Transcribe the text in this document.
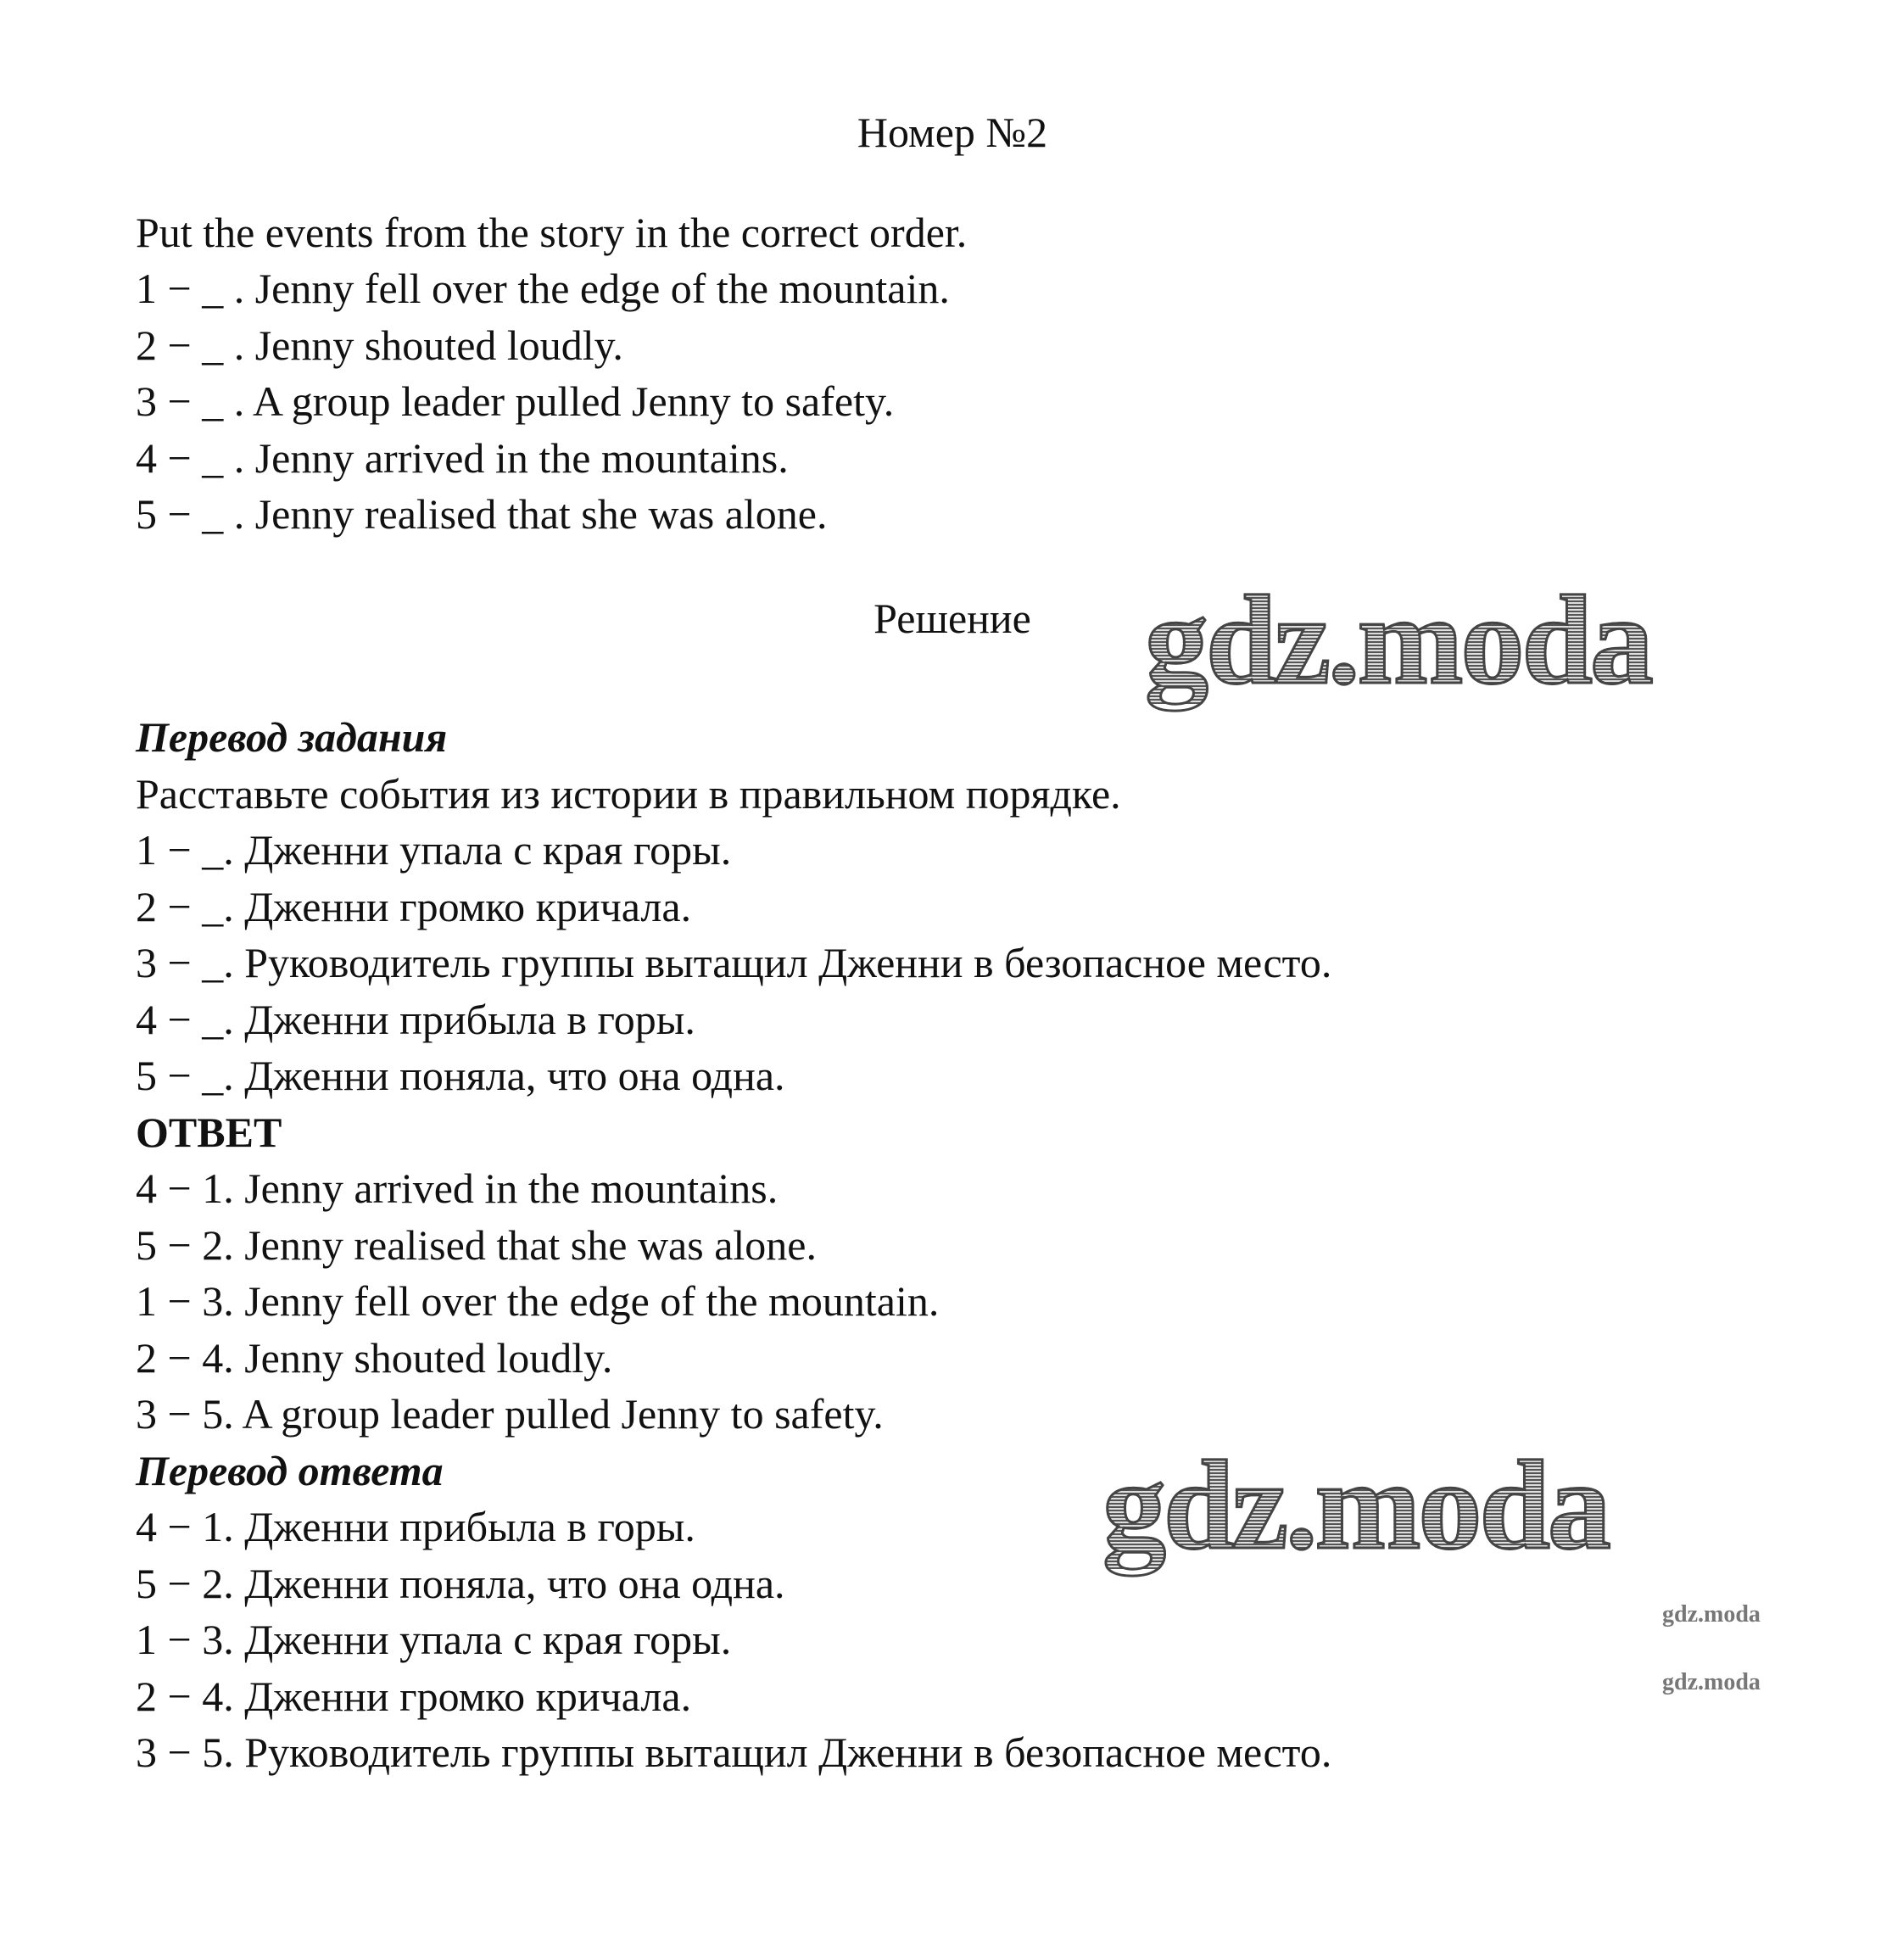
Номер №2
Put the events from the story in the correct order.
1 − _ . Jenny fell over the edge of the mountain.
2 − _ . Jenny shouted loudly.
3 − _ . A group leader pulled Jenny to safety.
4 − _ . Jenny arrived in the mountains.
5 − _ . Jenny realised that she was alone.
Решение
Перевод задания
Расставьте события из истории в правильном порядке.
1 − _. Дженни упала с края горы.
2 − _. Дженни громко кричала.
3 − _. Руководитель группы вытащил Дженни в безопасное место.
4 − _. Дженни прибыла в горы.
5 − _. Дженни поняла, что она одна.
ОТВЕТ
4 − 1. Jenny arrived in the mountains.
5 − 2. Jenny realised that she was alone.
1 − 3. Jenny fell over the edge of the mountain.
2 − 4. Jenny shouted loudly.
3 − 5. A group leader pulled Jenny to safety.
Перевод ответа
4 − 1. Дженни прибыла в горы.
5 − 2. Дженни поняла, что она одна.
1 − 3. Дженни упала с края горы.
2 − 4. Дженни громко кричала.
3 − 5. Руководитель группы вытащил Дженни в безопасное место.
gdz.moda
gdz.moda
gdz.moda
gdz.moda
